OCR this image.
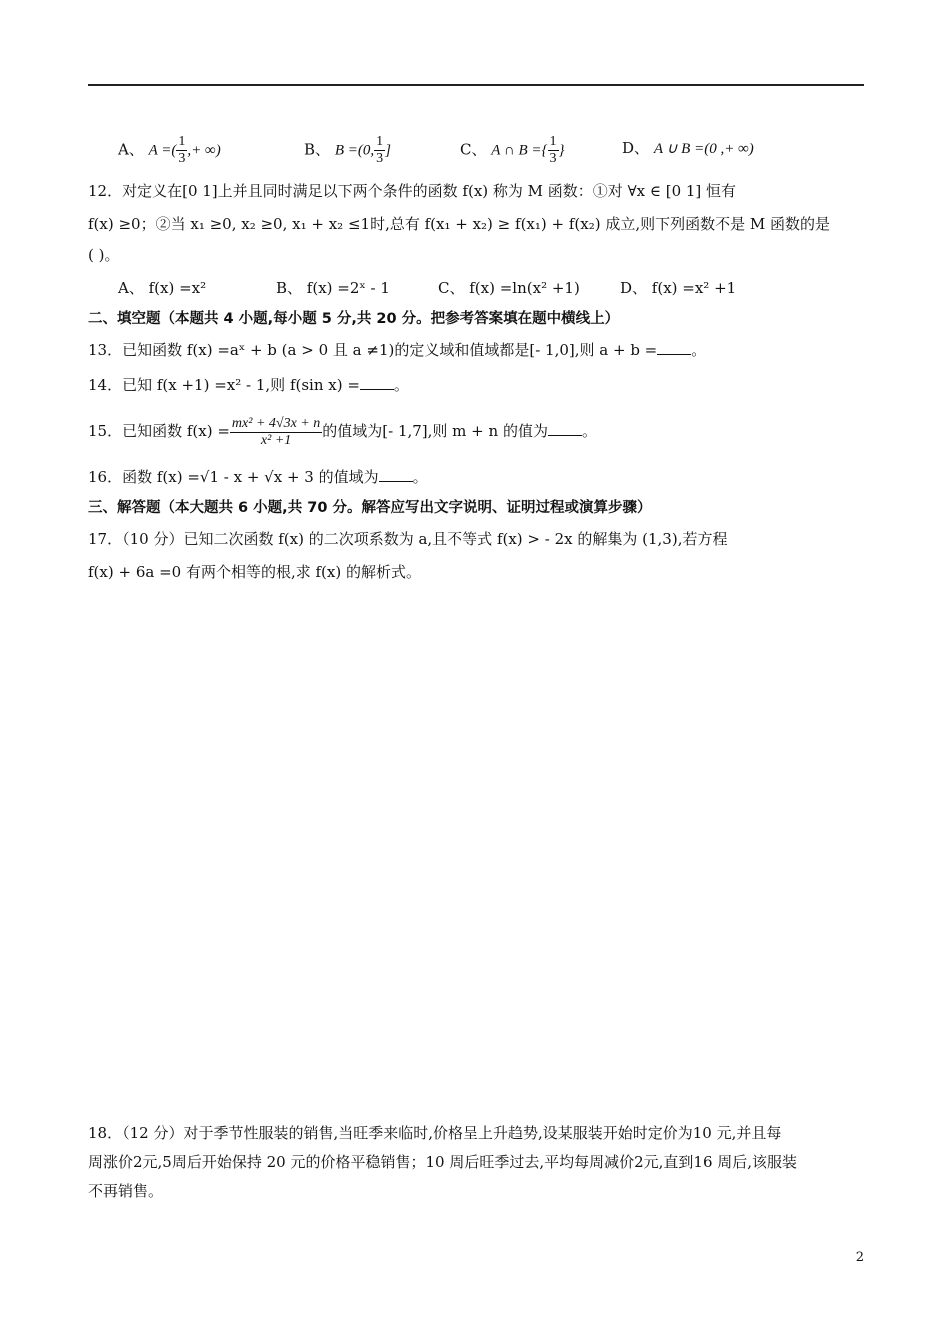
A、 A =( $\frac{1}{3}$ ,+ ∞)	B、 B =(0, $\frac{1}{3}$ ]	C、 A ∩ B ={ $\frac{1}{3}$ }	D、 A ∪ B =(0 ,+ ∞)
12．对定义在[0 1]上并且同时满足以下两个条件的函数 f(x) 称为 M 函数：①对 ∀x ∈ [0 1] 恒有
f(x) ≥0；②当 x₁ ≥0, x₂ ≥0, x₁ + x₂ ≤1时,总有 f(x₁ + x₂) ≥ f(x₁) + f(x₂) 成立,则下列函数不是 M 函数的是
( )。
A、 f(x) =x²	B、 f(x) =2ˣ - 1	C、 f(x) =ln(x² +1)	D、 f(x) =x² +1
二、填空题（本题共 4 小题,每小题 5 分,共 20 分。把参考答案填在题中横线上）
13．已知函数 f(x) =aˣ + b (a > 0 且 a ≠1)的定义域和值域都是[- 1,0],则 a + b = 。
14．已知 f(x +1) =x² - 1,则 f(sin x) = 。
15．已知函数 $f(x) = \frac{\text{mx² + 4√3x + n}}{\text{x² +1}}$ 的值域为[- 1,7],则 m + n 的值为 。
16．函数 f(x) =√1 - x + √x + 3 的值域为 。
三、解答题（本大题共 6 小题,共 70 分。解答应写出文字说明、证明过程或演算步骤）
17．（10 分）已知二次函数 f(x) 的二次项系数为 a,且不等式 f(x) > - 2x 的解集为 (1,3),若方程
f(x) + 6a =0 有两个相等的根,求 f(x) 的解析式。
18．（12 分）对于季节性服装的销售,当旺季来临时,价格呈上升趋势,设某服装开始时定价为10 元,并且每
周涨价2元,5周后开始保持 20 元的价格平稳销售；10 周后旺季过去,平均每周减价2元,直到16 周后,该服装
不再销售。
2
